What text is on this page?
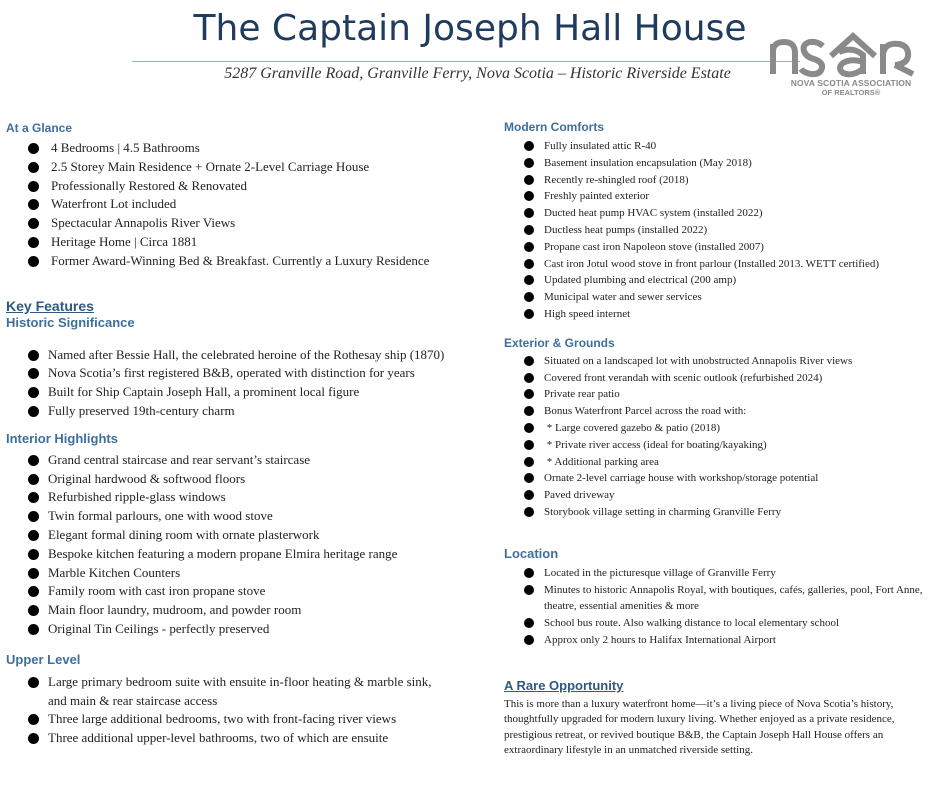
The Captain Joseph Hall House
5287 Granville Road, Granville Ferry, Nova Scotia – Historic Riverside Estate
NOVA SCOTIA ASSOCIATION
OF REALTORS®
At a Glance
4 Bedrooms | 4.5 Bathrooms
2.5 Storey Main Residence + Ornate 2-Level Carriage House
Professionally Restored & Renovated
Waterfront Lot included
Spectacular Annapolis River Views
Heritage Home | Circa 1881
Former Award-Winning Bed & Breakfast. Currently a Luxury Residence
Key Features
Historic Significance
Named after Bessie Hall, the celebrated heroine of the Rothesay ship (1870)
Nova Scotia’s first registered B&B, operated with distinction for years
Built for Ship Captain Joseph Hall, a prominent local figure
Fully preserved 19th-century charm
Interior Highlights
Grand central staircase and rear servant’s staircase
Original hardwood & softwood floors
Refurbished ripple-glass windows
Twin formal parlours, one with wood stove
Elegant formal dining room with ornate plasterwork
Bespoke kitchen featuring a modern propane Elmira heritage range
Marble Kitchen Counters
Family room with cast iron propane stove
Main floor laundry, mudroom, and powder room
Original Tin Ceilings - perfectly preserved
Upper Level
Large primary bedroom suite with ensuite in-floor heating & marble sink, and main & rear staircase access
Three large additional bedrooms, two with front-facing river views
Three additional upper-level bathrooms, two of which are ensuite
Modern Comforts
Fully insulated attic R-40
Basement insulation encapsulation (May 2018)
Recently re-shingled roof (2018)
Freshly painted exterior
Ducted heat pump HVAC system (installed 2022)
Ductless heat pumps (installed 2022)
Propane cast iron Napoleon stove (installed 2007)
Cast iron Jotul wood stove in front parlour (Installed 2013. WETT certified)
Updated plumbing and electrical (200 amp)
Municipal water and sewer services
High speed internet
Exterior & Grounds
Situated on a landscaped lot with unobstructed Annapolis River views
Covered front verandah with scenic outlook (refurbished 2024)
Private rear patio
Bonus Waterfront Parcel across the road with:
* Large covered gazebo & patio (2018)
* Private river access (ideal for boating/kayaking)
* Additional parking area
Ornate 2-level carriage house with workshop/storage potential
Paved driveway
Storybook village setting in charming Granville Ferry
Location
Located in the picturesque village of Granville Ferry
Minutes to historic Annapolis Royal, with boutiques, cafés, galleries, pool, Fort Anne, theatre, essential amenities & more
School bus route. Also walking distance to local elementary school
Approx only 2 hours to Halifax International Airport
A Rare Opportunity

This is more than a luxury waterfront home—it’s a living piece of Nova Scotia’s history, thoughtfully upgraded for modern luxury living. Whether enjoyed as a private residence, prestigious retreat, or revived boutique B&B, the Captain Joseph Hall House offers an extraordinary lifestyle in an unmatched riverside setting.
